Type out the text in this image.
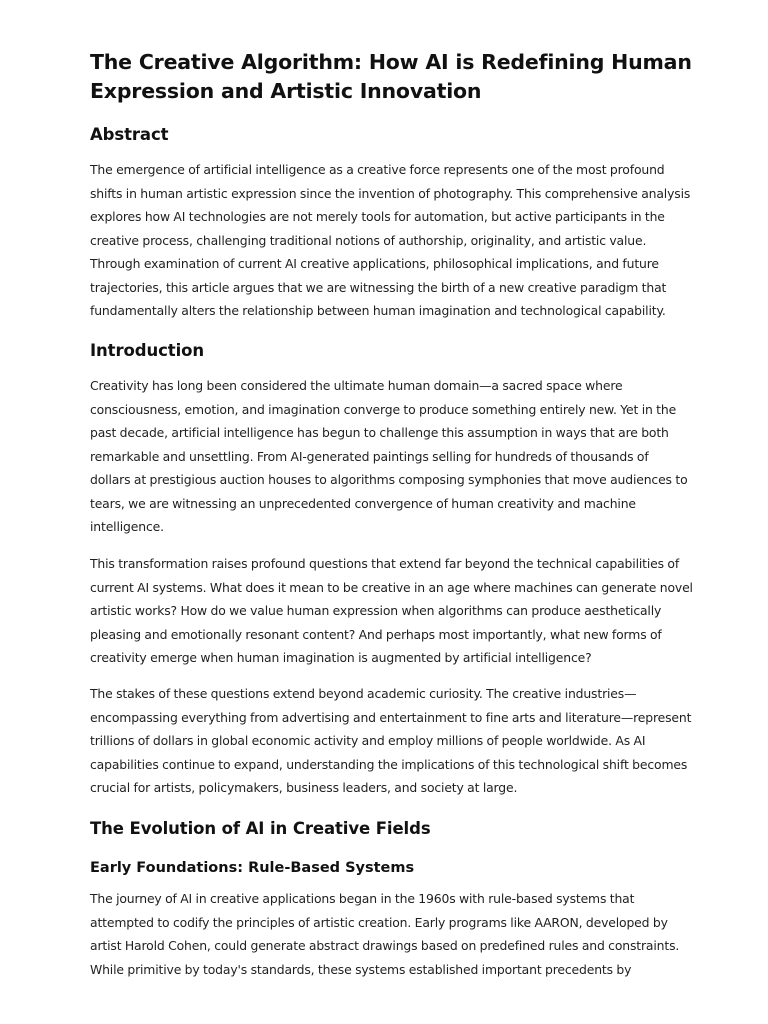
The Creative Algorithm: How AI is Redefining Human
Expression and Artistic Innovation
Abstract

The emergence of artificial intelligence as a creative force represents one of the most profound
shifts in human artistic expression since the invention of photography. This comprehensive analysis
explores how AI technologies are not merely tools for automation, but active participants in the
creative process, challenging traditional notions of authorship, originality, and artistic value.
Through examination of current AI creative applications, philosophical implications, and future
trajectories, this article argues that we are witnessing the birth of a new creative paradigm that
fundamentally alters the relationship between human imagination and technological capability.

Introduction

Creativity has long been considered the ultimate human domain—a sacred space where
consciousness, emotion, and imagination converge to produce something entirely new. Yet in the
past decade, artificial intelligence has begun to challenge this assumption in ways that are both
remarkable and unsettling. From AI-generated paintings selling for hundreds of thousands of
dollars at prestigious auction houses to algorithms composing symphonies that move audiences to
tears, we are witnessing an unprecedented convergence of human creativity and machine
intelligence.

This transformation raises profound questions that extend far beyond the technical capabilities of
current AI systems. What does it mean to be creative in an age where machines can generate novel
artistic works? How do we value human expression when algorithms can produce aesthetically
pleasing and emotionally resonant content? And perhaps most importantly, what new forms of
creativity emerge when human imagination is augmented by artificial intelligence?

The stakes of these questions extend beyond academic curiosity. The creative industries—
encompassing everything from advertising and entertainment to fine arts and literature—represent
trillions of dollars in global economic activity and employ millions of people worldwide. As AI
capabilities continue to expand, understanding the implications of this technological shift becomes
crucial for artists, policymakers, business leaders, and society at large.

The Evolution of AI in Creative Fields
Early Foundations: Rule-Based Systems

The journey of AI in creative applications began in the 1960s with rule-based systems that
attempted to codify the principles of artistic creation. Early programs like AARON, developed by
artist Harold Cohen, could generate abstract drawings based on predefined rules and constraints.
While primitive by today's standards, these systems established important precedents by
